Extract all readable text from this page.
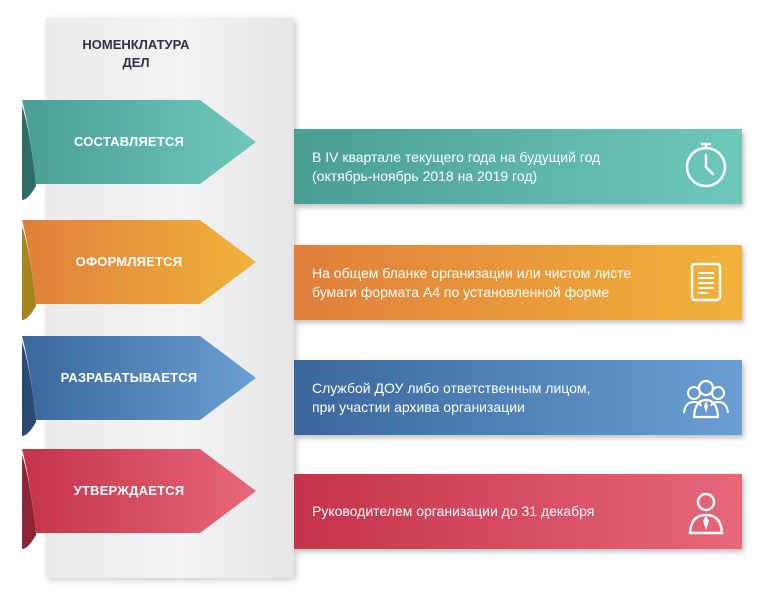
НОМЕНКЛАТУРА
ДЕЛ
СОСТАВЛЯЕТСЯ
В IV квартале текущего года на будущий год
(октябрь-ноябрь 2018 на 2019 год)
ОФОРМЛЯЕТСЯ
На общем бланке организации или чистом листе
бумаги формата А4 по установленной форме
РАЗРАБАТЫВАЕТСЯ
Службой ДОУ либо ответственным лицом,
при участии архива организации
УТВЕРЖДАЕТСЯ
Руководителем организации до 31 декабря
